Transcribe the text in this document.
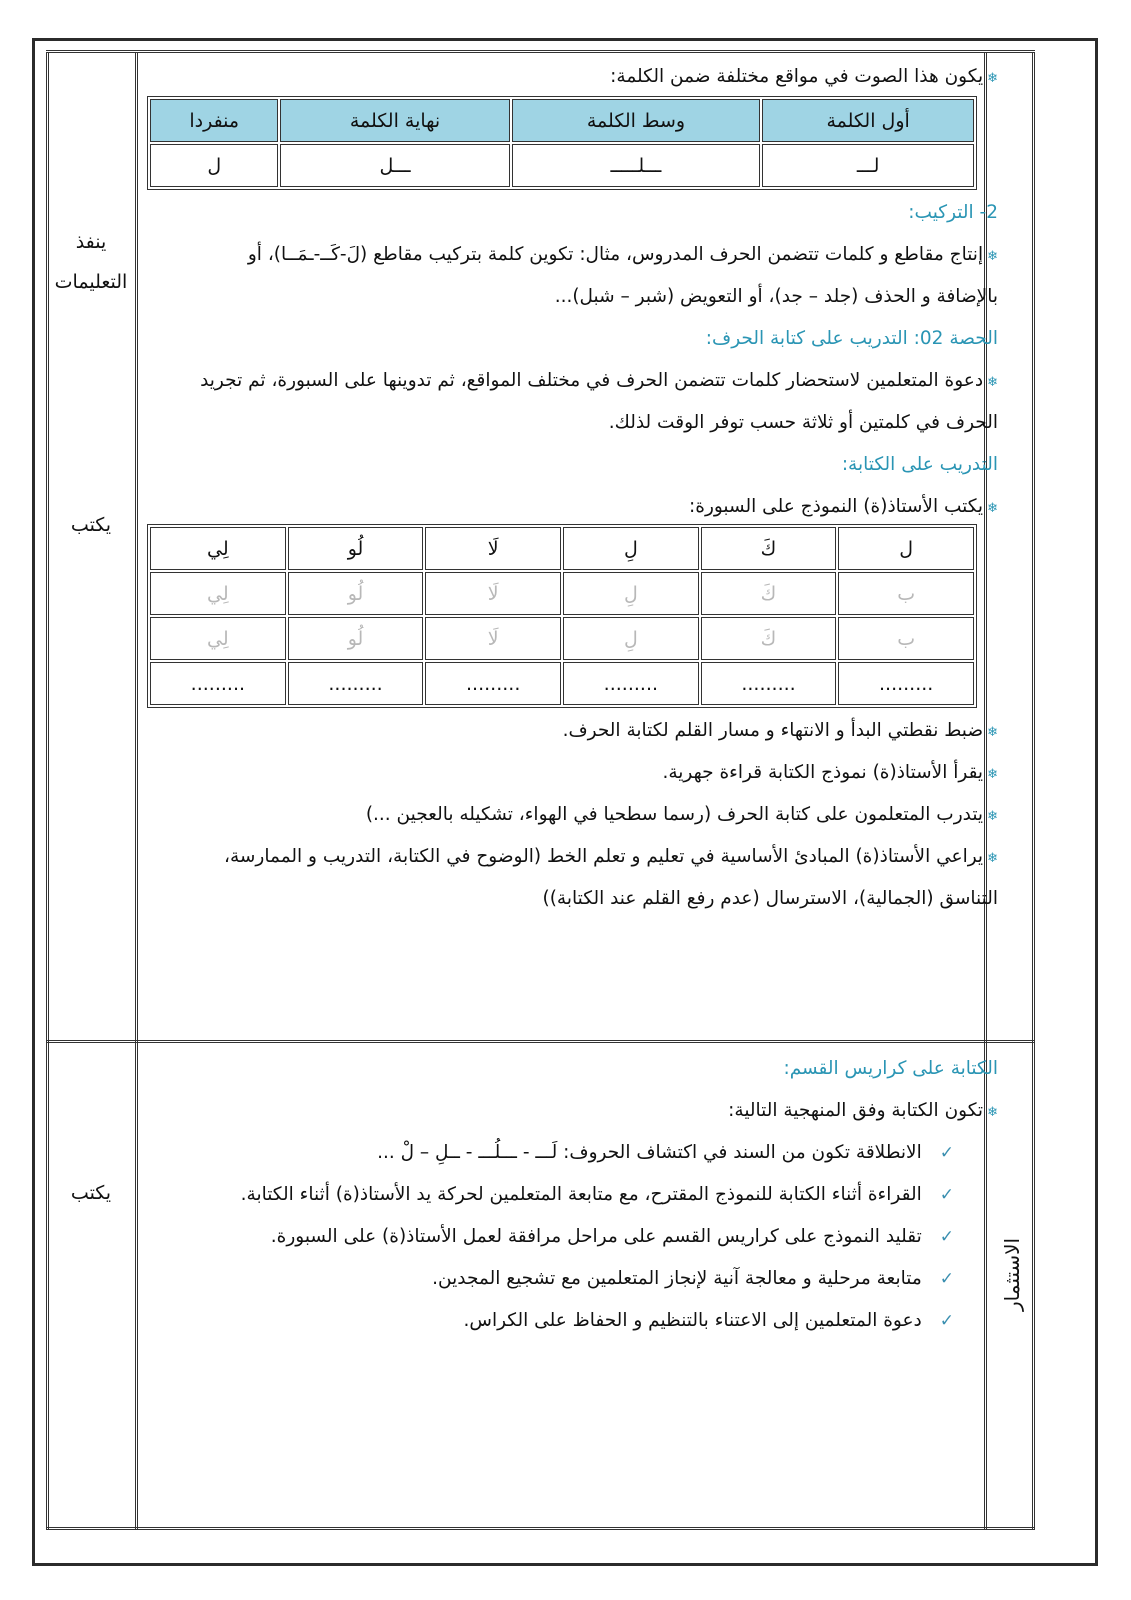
ينفذ التعليمات
يكتب
يكتب
الاستثمار
❄يكون هذا الصوت في مواقع مختلفة ضمن الكلمة:
أول الكلمة	وسط الكلمة	نهاية الكلمة	منفردا
لـــ	ـــلـــــ	ـــل	ل
2- التركيب:
❄إنتاج مقاطع و كلمات تتضمن الحرف المدروس، مثال: تكوين كلمة بتركيب مقاطع (لَ-كَــ-ـمَــا)، أو
بالإضافة و الحذف (جلد – جد)، أو التعويض (شبر – شبل)...
الحصة 02: التدريب على كتابة الحرف:
❄دعوة المتعلمين لاستحضار كلمات تتضمن الحرف في مختلف المواقع، ثم تدوينها على السبورة، ثم تجريد
الحرف في كلمتين أو ثلاثة حسب توفر الوقت لذلك.
التدريب على الكتابة:
❄يكتب الأستاذ(ة) النموذج على السبورة:
ل	كَ	لِ	لَا	لُو	لِي
ب	كَ	لِ	لَا	لُو	لِي
ب	كَ	لِ	لَا	لُو	لِي
.........	.........	.........	.........	.........	.........
❄ضبط نقطتي البدأ و الانتهاء و مسار القلم لكتابة الحرف.
❄يقرأ الأستاذ(ة) نموذج الكتابة قراءة جهرية.
❄يتدرب المتعلمون على كتابة الحرف (رسما سطحيا في الهواء، تشكيله بالعجين ...)
❄يراعي الأستاذ(ة) المبادئ الأساسية في تعليم و تعلم الخط (الوضوح في الكتابة، التدريب و الممارسة،
التناسق (الجمالية)، الاسترسال (عدم رفع القلم عند الكتابة))
الكتابة على كراريس القسم:
❄تكون الكتابة وفق المنهجية التالية:
✓الانطلاقة تكون من السند في اكتشاف الحروف: لَـــ - ـــلُـــ - ــلِ – لْ ...
✓القراءة أثناء الكتابة للنموذج المقترح، مع متابعة المتعلمين لحركة يد الأستاذ(ة) أثناء الكتابة.
✓تقليد النموذج على كراريس القسم على مراحل مرافقة لعمل الأستاذ(ة) على السبورة.
✓متابعة مرحلية و معالجة آنية لإنجاز المتعلمين مع تشجيع المجدين.
✓دعوة المتعلمين إلى الاعتناء بالتنظيم و الحفاظ على الكراس.
